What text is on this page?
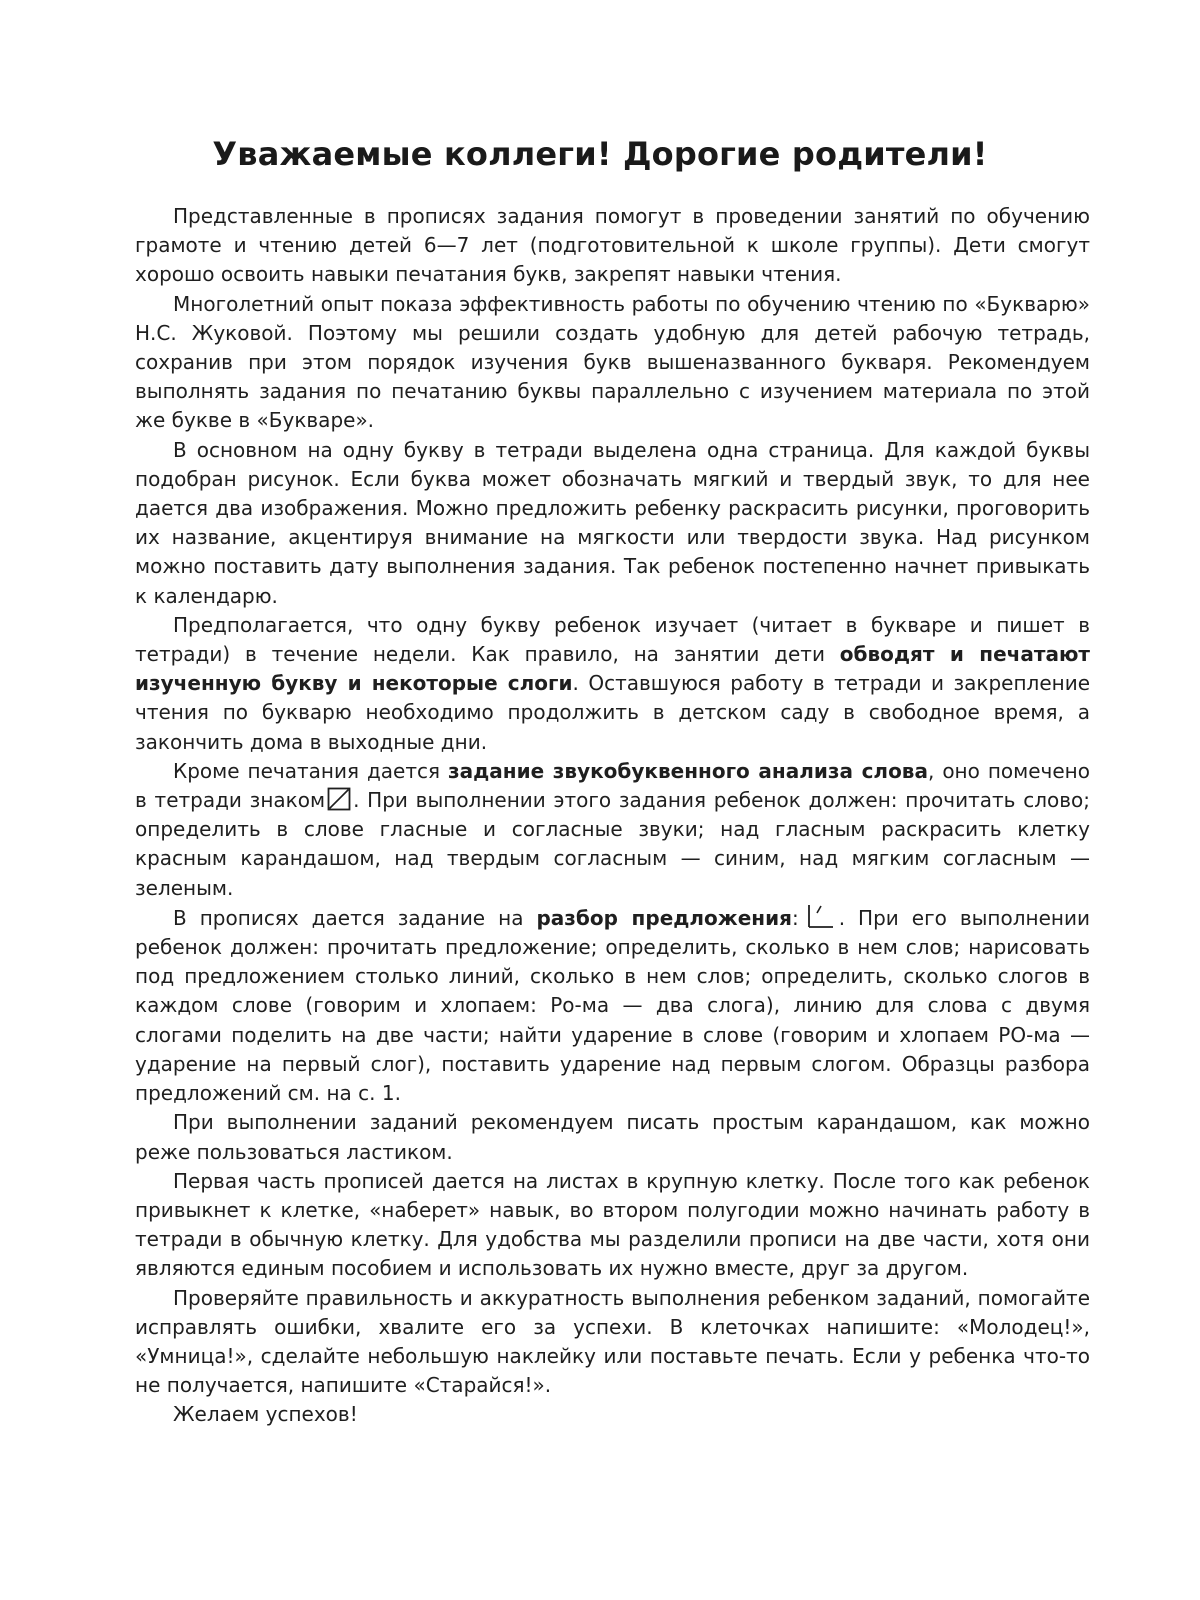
Уважаемые коллеги! Дорогие родители!

Представленные в прописях задания помогут в проведении занятий по обучению грамоте и чтению детей 6—7 лет (подготовительной к школе группы). Дети смогут хорошо освоить навыки печатания букв, закрепят навыки чтения.

Многолетний опыт показа эффективность работы по обучению чтению по «Букварю» Н.С. Жуковой. Поэтому мы решили создать удобную для детей рабочую тетрадь, сохранив при этом порядок изучения букв вышеназванного букваря. Рекомендуем выполнять задания по печатанию буквы параллельно с изучением материала по этой же букве в «Букваре».

В основном на одну букву в тетради выделена одна страница. Для каждой буквы подобран рисунок. Если буква может обозначать мягкий и твердый звук, то для нее дается два изображения. Можно предложить ребенку раскрасить рисунки, проговорить их название, акцентируя внимание на мягкости или твердости звука. Над рисунком можно поставить дату выполнения задания. Так ребенок постепенно начнет привыкать к календарю.

Предполагается, что одну букву ребенок изучает (читает в букваре и пишет в тетради) в течение недели. Как правило, на занятии дети обводят и печатают изученную букву и некоторые слоги. Оставшуюся работу в тетради и закрепление чтения по букварю необходимо продолжить в детском саду в свободное время, а закончить дома в выходные дни.

Кроме печатания дается задание звукобуквенного анализа слова, оно помечено в тетради знаком . При выполнении этого задания ребенок должен: прочитать слово; определить в слове гласные и согласные звуки; над гласным раскрасить клетку красным карандашом, над твердым согласным — синим, над мягким согласным — зеленым.

В прописях дается задание на разбор предложения: . При его выполнении ребенок должен: прочитать предложение; определить, сколько в нем слов; нарисовать под предложением столько линий, сколько в нем слов; определить, сколько слогов в каждом слове (говорим и хлопаем: Ро-ма — два слога), линию для слова с двумя слогами поделить на две части; найти ударение в слове (говорим и хлопаем РО-ма — ударение на первый слог), поставить ударение над первым слогом. Образцы разбора предложений см. на с. 1.

При выполнении заданий рекомендуем писать простым карандашом, как можно реже пользоваться ластиком.

Первая часть прописей дается на листах в крупную клетку. После того как ребенок привыкнет к клетке, «наберет» навык, во втором полугодии можно начинать работу в тетради в обычную клетку. Для удобства мы разделили прописи на две части, хотя они являются единым пособием и использовать их нужно вместе, друг за другом.

Проверяйте правильность и аккуратность выполнения ребенком заданий, помогайте исправлять ошибки, хвалите его за успехи. В клеточках напишите: «Молодец!», «Умница!», сделайте небольшую наклейку или поставьте печать. Если у ребенка что-то не получается, напишите «Старайся!».

Желаем успехов!
